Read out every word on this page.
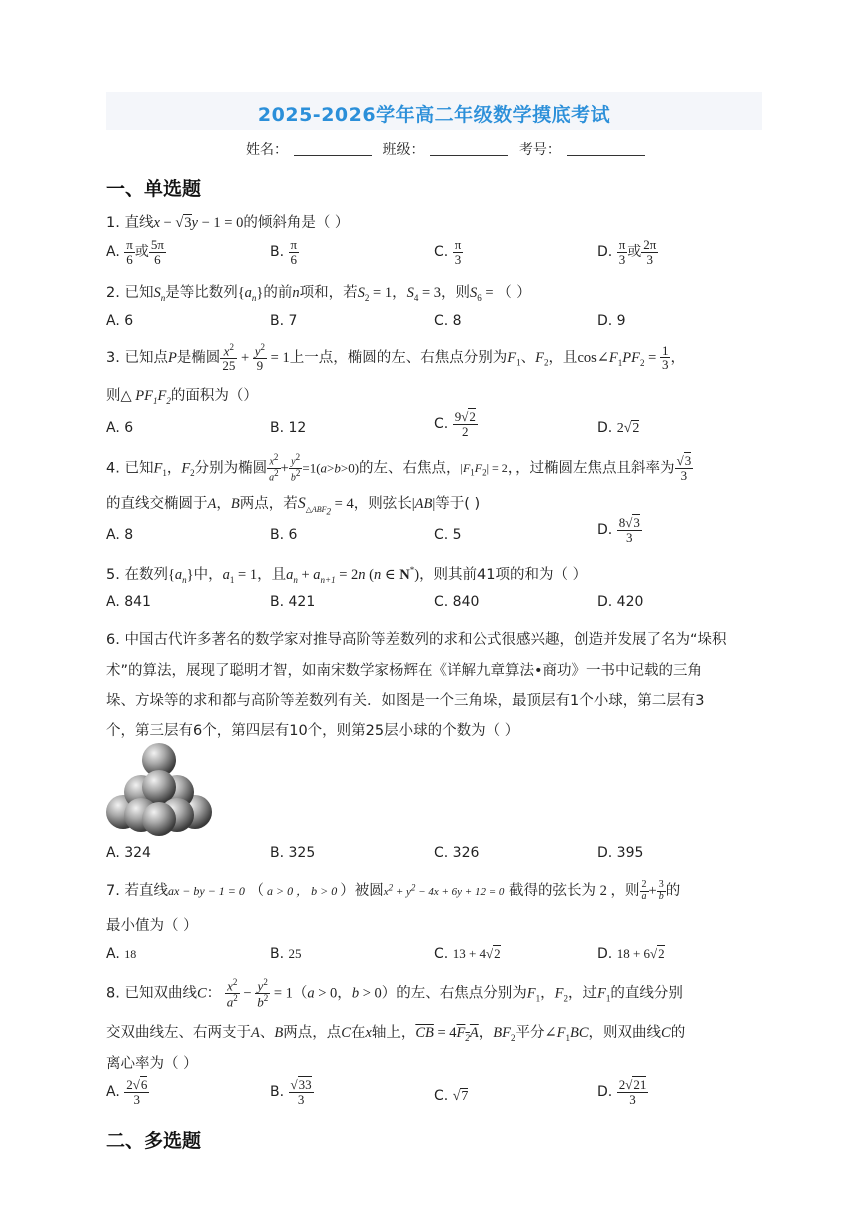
2025-2026学年高二年级数学摸底考试
姓名：	班级：	考号：
一、单选题
1. 直线x − √3y − 1 = 0的倾斜角是（ ）
A. $\frac{\pi}{6}$ 或 $\frac{5\pi}{6}$	B. $\frac{\pi}{6}$	C. $\frac{\pi}{3}$	D. $\frac{\pi}{3}$ 或 $\frac{2\pi}{3}$
2. 已知$S_n$是等比数列$\{a_n\}$的前n项和，若$S_2 = 1$，$S_4 = 3$，则$S_6$ = （ ）
A. 6	B. 7	C. 8	D. 9
3. 已知点P是椭圆 $\frac{x^2}{25} + \frac{y^2}{9} = 1$上一点，椭圆的左、右焦点分别为$F_1$、$F_2$，且$\cos\angle F_1PF_2 = \frac{1}{3}$ ，
则△ $PF_1F_2$的面积为（）
A. 6	B. 12	C. $\frac{9√2}{2}$	D. 2√2
4. 已知$F_1$，$F_2$分别为椭圆 $\frac{x^2}{a^2} + \frac{y^2}{b^2} =1(a>b>0)$的左、右焦点，$|F_1F_2| = 2$，，过椭圆左焦点且斜率为 $\frac{√3}{3}$
的直线交椭圆于A，B两点，若$S_{\triangle ABF_2} = 4$，则弦长|AB|等于( )
A. 8	B. 6	C. 5	D. $\frac{8√3}{3}$
5. 在数列$\{a_n\}$中，$a_1 = 1$，且$a_n + a_{n+1} = 2n$ (n ∈ N*)，则其前41项的和为（ ）
A. 841	B. 421	C. 840	D. 420
6. 中国古代许多著名的数学家对推导高阶等差数列的求和公式很感兴趣，创造并发展了名为“垛积
术”的算法，展现了聪明才智，如南宋数学家杨辉在《详解九章算法•商功》一书中记载的三角
垛、方垛等的求和都与高阶等差数列有关．如图是一个三角垛，最顶层有1个小球，第二层有3
个，第三层有6个，第四层有10个，则第25层小球的个数为（ ）
A. 324	B. 325	C. 326	D. 395
7. 若直线ax − by − 1 = 0 （ a > 0 ， b > 0 ）被圆$x^2 + y^2 - 4x + 6y + 12 = 0$ 截得的弦长为 2 ，则 $\frac{2}{a} + \frac{3}{b}$ 的
最小值为（ ）
A. 18	B. 25	C. 13 + 4√2	D. 18 + 6√2
8. 已知双曲线C： $\frac{x^2}{a^2} - \frac{y^2}{b^2} = 1(a > 0$，b > 0）的左、右焦点分别为$F_1$，$F_2$，过$F_1$的直线分别
交双曲线左、右两支于A、B两点，点C在x轴上，$\overline{CB} = 4F_2A$，$BF_2$平分$\angle F_1BC$，则双曲线C的
离心率为（ ）
A. $\frac{2√6}{3}$	B. $\frac{√33}{3}$	C. √7	D. $\frac{2√21}{3}$
二、多选题
